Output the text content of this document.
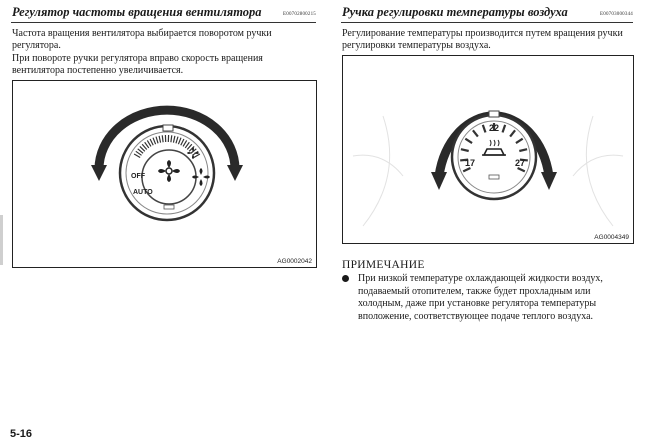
Регулятор частоты вращения вентилятора	E00702800215

Частота вращения вентилятора выбирается поворотом ручки регулятора.

При повороте ручки регулятора вправо скорость вращения вентилятора постепенно увеличивается.

OFF
AUTO
AG0002042
Ручка регулировки температуры воздуха	E00703000344

Регулирование температуры производится путем вращения ручки регулировки температуры воздуха.

22
17	27
AG0004349
ПРИМЕЧАНИЕ
При низкой температуре охлаждающей жидкости воздух, подаваемый отопителем, также будет прохладным или холодным, даже при установке регулятора температуры вположение, соответствующее подаче теплого воздуха.
5-16
